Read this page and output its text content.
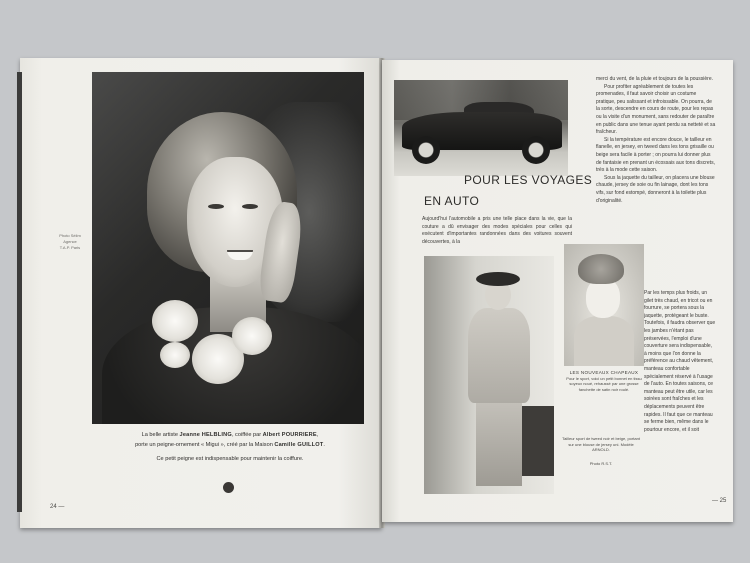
Photo Sélim
Agence
T.A.P. Paris
La belle artiste Jeanne HELBLING, coiffée par Albert POURRIERE,
porte un peigne-ornement « Migui », créé par la Maison Camille GUILLOT.
Ce petit peigne est indispensable pour maintenir la coiffure.
24 —
POUR LES VOYAGES
EN AUTO
Aujourd'hui l'automobile a pris une telle place dans la vie, que la couture a dû envisager des modes spéciales pour celles qui exécutent d'importantes randonnées dans des voitures souvent découvertes, à la

merci du vent, de la pluie et toujours de la poussière.

Pour profiter agréablement de toutes les promenades, il faut savoir choisir un costume pratique, peu salissant et infroissable. On pourra, de la sorte, descendre en cours de route, pour les repas ou la visite d'un monument, sans redouter de paraître en public dans une tenue ayant perdu sa netteté et sa fraîcheur.

Si la température est encore douce, le tailleur en flanelle, en jersey, en tweed dans les tons grisaille ou beige sera facile à porter ; on pourra lui donner plus de fantaisie en prenant un écossais aux tons discrets, très à la mode cette saison.

Sous la jaquette du tailleur, on placera une blouse chaude, jersey de soie ou fin lainage, dont les tons vifs, sur fond estompé, donneront à la toilette plus d'originalité.

Par les temps plus froids, un gilet très chaud, en tricot ou en fourrure, se portera sous la jaquette, protégeant le buste. Toutefois, il faudra observer que les jambes n'étant pas préservées, l'emploi d'une couverture sera indispensable, à moins que l'on donne la préférence au chaud vêtement, manteau confortable spécialement réservé à l'usage de l'auto. En toutes saisons, ce manteau peut être utile, car les soirées sont fraîches et les déplacements peuvent être rapides. Il faut que ce manteau se ferme bien, même dans le pourtour encore, et il soit
LES NOUVEAUX CHAPEAUX
Pour le sport, voici un petit bonnet en tissu soyeux noué, rehaussé par une grosse fanchette de satin noir roulé.
Tailleur sport de tweed noir et beige, portant sur une blouse de jersey uni. Modèle ARNOLD.
Photo R.S.T.
— 25
